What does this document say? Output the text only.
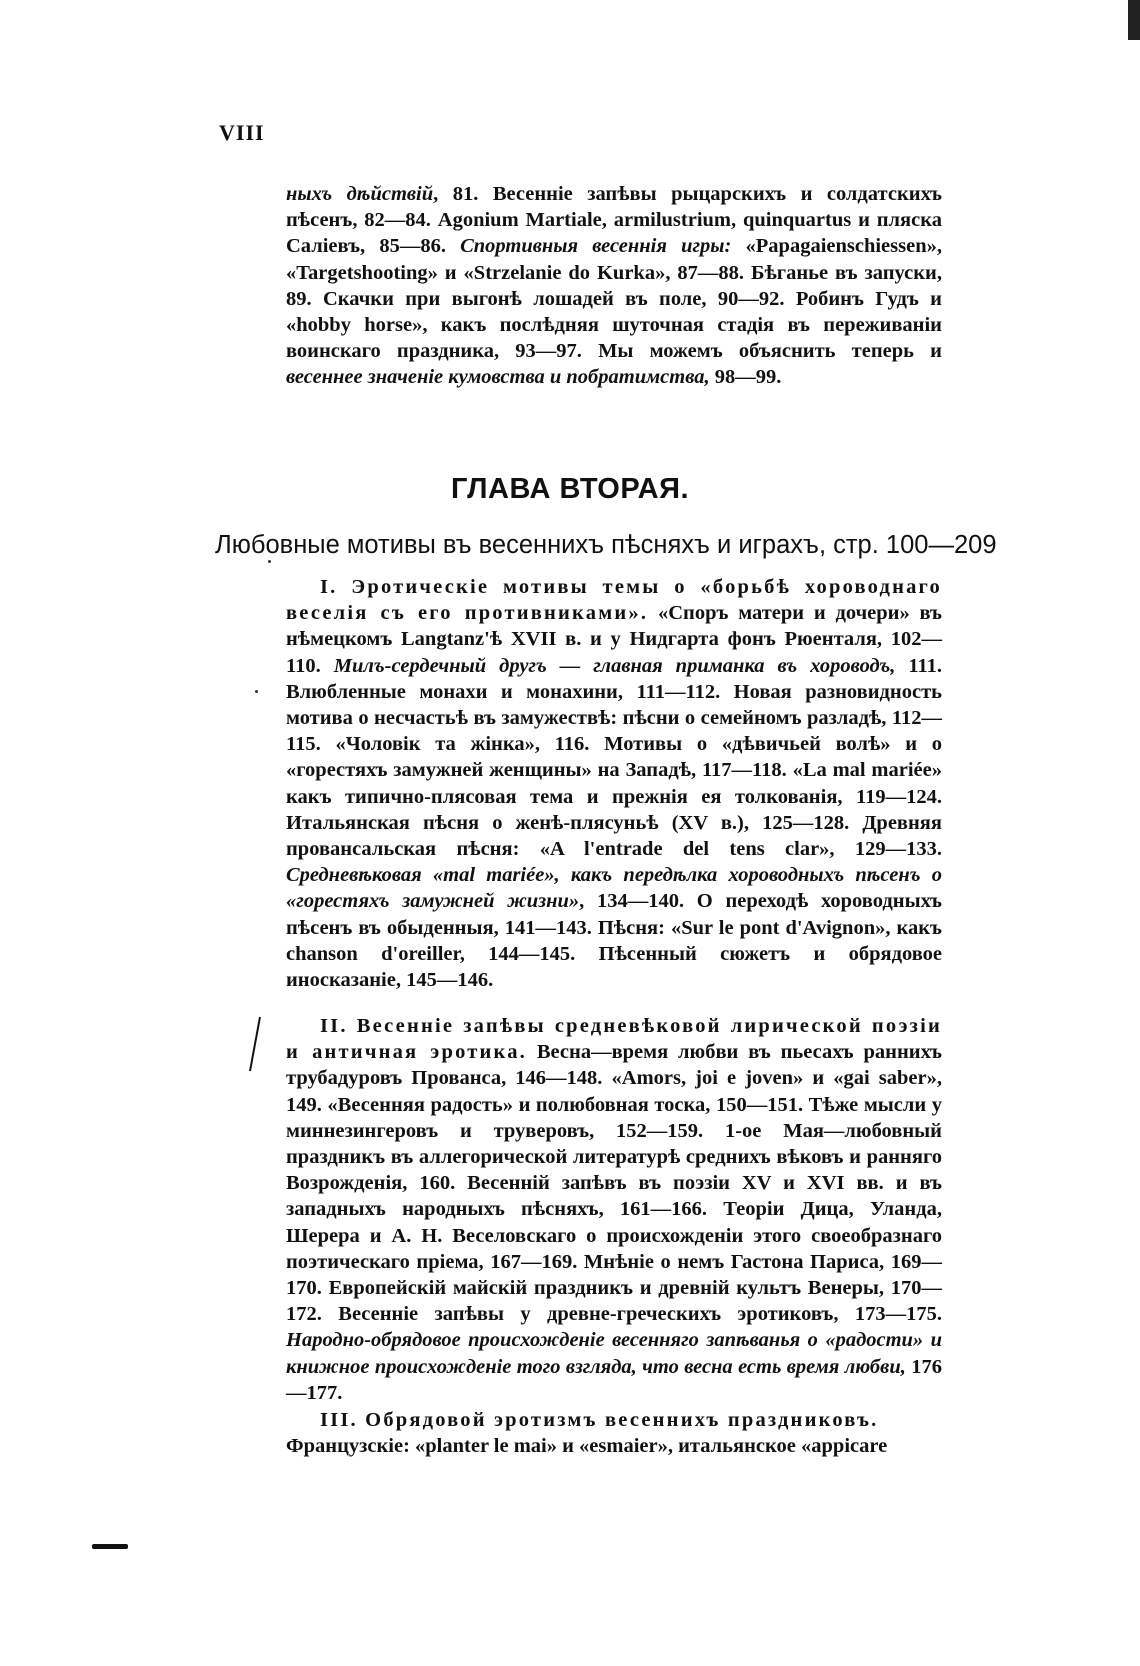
VIII

ныхъ дѣйствій, 81. Весенніе запѣвы рыцарскихъ и солдатскихъ пѣсенъ, 82—84. Agonium Martiale, armilustrium, quinquartus и пляска Саліевъ, 85—86. Спортивныя весеннія игры: «Papagaienschiessen», «Targetshooting» и «Strzelanie do Kurka», 87—88. Бѣганье въ запуски, 89. Скачки при выгонѣ лошадей въ поле, 90—92. Робинъ Гудъ и «hobby horse», какъ послѣдняя шуточная стадія въ переживаніи воинскаго праздника, 93—97. Мы можемъ объяснить теперь и весеннее значеніе кумовства и побратимства, 98—99.

ГЛАВА ВТОРАЯ.
Любовные мотивы въ весеннихъ пѣсняхъ и играхъ, стр. 100—209

I. Эротическіе мотивы темы о «борьбѣ хороводнаго веселія съ его противниками». «Споръ матери и дочери» въ нѣмецкомъ Langtanz'ѣ XVII в. и у Нидгарта фонъ Рюенталя, 102—110. Милъ-сердечный другъ — главная приманка въ хороводъ, 111. Влюбленные монахи и монахини, 111—112. Новая разновидность мотива о несчастьѣ въ замужествѣ: пѣсни о семейномъ разладѣ, 112—115. «Чоловік та жінка», 116. Мотивы о «дѣвичьей волѣ» и о «горестяхъ замужней женщины» на Западѣ, 117—118. «La mal mariée» какъ типично-плясовая тема и прежнія ея толкованія, 119—124. Итальянская пѣсня о женѣ-плясуньѣ (XV в.), 125—128. Древняя провансальская пѣсня: «A l'entrade del tens clar», 129—133. Средневѣковая «mal mariée», какъ передѣлка хороводныхъ пѣсенъ о «горестяхъ замужней жизни», 134—140. О переходѣ хороводныхъ пѣсенъ въ обыденныя, 141—143. Пѣсня: «Sur le pont d'Avignon», какъ chanson d'oreiller, 144—145. Пѣсенный сюжетъ и обрядовое иносказаніе, 145—146.

II. Весенніе запѣвы средневѣковой лирической поэзіи и античная эротика. Весна—время любви въ пьесахъ раннихъ трубадуровъ Прованса, 146—148. «Amors, joi e joven» и «gai saber», 149. «Весенняя радость» и полюбовная тоска, 150—151. Тѣже мысли у миннезингеровъ и труверовъ, 152—159. 1-ое Мая—любовный праздникъ въ аллегорической литературѣ среднихъ вѣковъ и ранняго Возрожденія, 160. Весенній запѣвъ въ поэзіи XV и XVI вв. и въ западныхъ народныхъ пѣсняхъ, 161—166. Теоріи Дица, Уланда, Шерера и А. Н. Веселовскаго о происхожденіи этого своеобразнаго поэтическаго пріема, 167—169. Мнѣніе о немъ Гастона Париса, 169—170. Европейскій майскій праздникъ и древній культъ Венеры, 170—172. Весенніе запѣвы у древне-греческихъ эротиковъ, 173—175. Народно-обрядовое происхожденіе весенняго запѣванья о «радости» и книжное происхожденіе того взгляда, что весна есть время любви, 176—177.

III. Обрядовой эротизмъ весеннихъ праздниковъ.

Французскіе: «planter le mai» и «esmaier», итальянское «appicare
